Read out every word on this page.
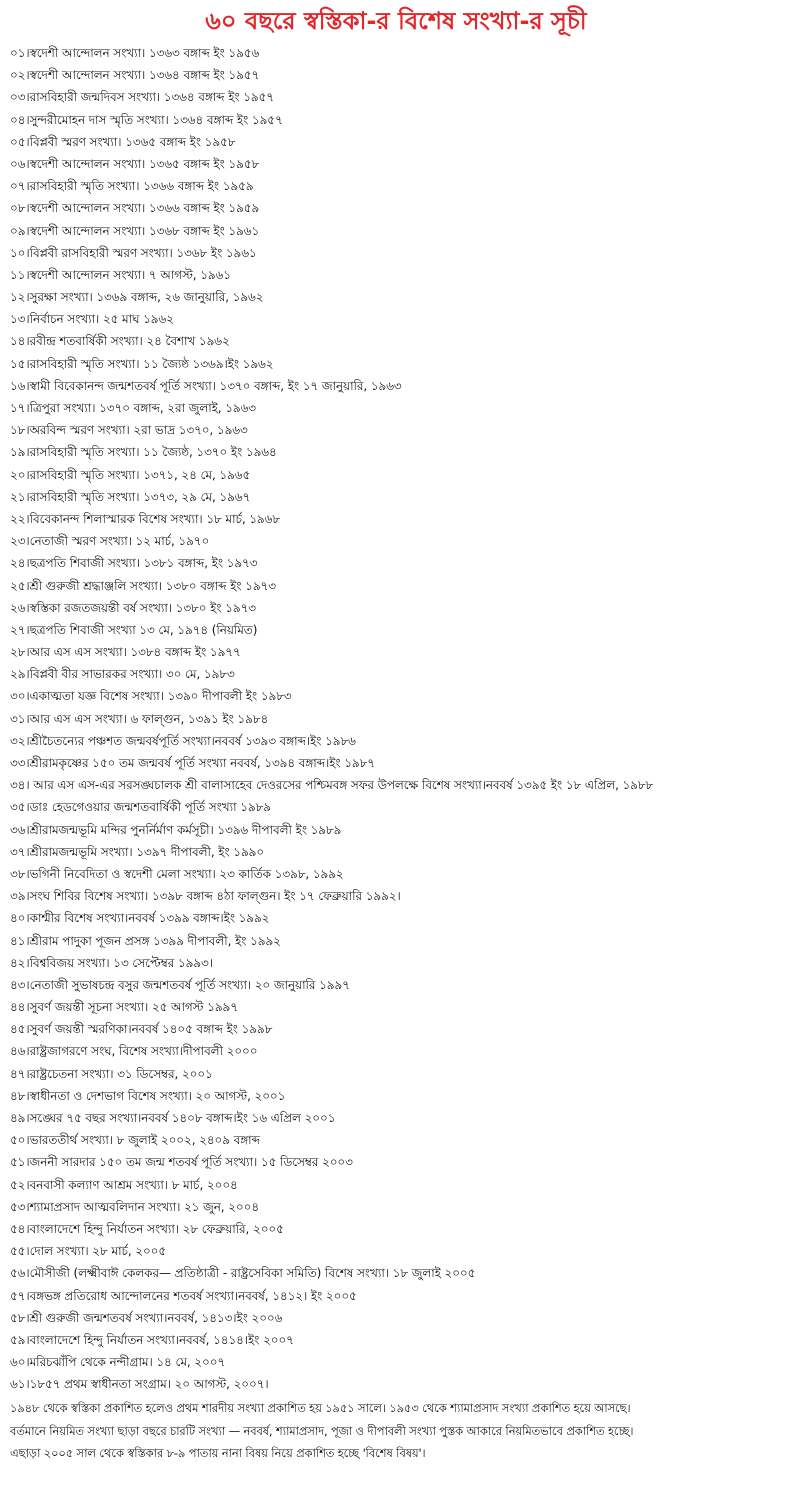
৬০ বছরে স্বস্তিকা-র বিশেষ সংখ্যা-র সূচী
০১।স্বদেশী আন্দোলন সংখ্যা। ১৩৬৩ বঙ্গাব্দ ইং ১৯৫৬
০২।স্বদেশী আন্দোলন সংখ্যা। ১৩৬৪ বঙ্গাব্দ ইং ১৯৫৭
০৩।রাসবিহারী জন্মদিবস সংখ্যা। ১৩৬৪ বঙ্গাব্দ ইং ১৯৫৭
০৪।সুন্দরীমোহন দাস স্মৃতি সংখ্যা। ১৩৬৪ বঙ্গাব্দ ইং ১৯৫৭
০৫।বিপ্লবী স্মরণ সংখ্যা। ১৩৬৫ বঙ্গাব্দ ইং ১৯৫৮
০৬।স্বদেশী আন্দোলন সংখ্যা। ১৩৬৫ বঙ্গাব্দ ইং ১৯৫৮
০৭।রাসবিহারী স্মৃতি সংখ্যা। ১৩৬৬ বঙ্গাব্দ ইং ১৯৫৯
০৮।স্বদেশী আন্দোলন সংখ্যা। ১৩৬৬ বঙ্গাব্দ ইং ১৯৫৯
০৯।স্বদেশী আন্দোলন সংখ্যা। ১৩৬৮ বঙ্গাব্দ ইং ১৯৬১
১০।বিপ্লবী রাসবিহারী স্মরণ সংখ্যা। ১৩৬৮ ইং ১৯৬১
১১।স্বদেশী আন্দোলন সংখ্যা। ৭ আগস্ট, ১৯৬১
১২।সুরক্ষা সংখ্যা। ১৩৬৯ বঙ্গাব্দ, ২৬ জানুয়ারি, ১৯৬২
১৩।নির্বাচন সংখ্যা। ২৫ মাঘ ১৯৬২
১৪।রবীন্দ্র শতবার্ষিকী সংখ্যা। ২৪ বৈশাখ ১৯৬২
১৫।রাসবিহারী স্মৃতি সংখ্যা। ১১ জ্যৈষ্ঠ ১৩৬৯।ইং ১৯৬২
১৬।স্বামী বিবেকানন্দ জন্মশতবর্ষ পূর্তি সংখ্যা। ১৩৭০ বঙ্গাব্দ, ইং ১৭ জানুয়ারি, ১৯৬৩
১৭।ত্রিপুরা সংখ্যা। ১৩৭০ বঙ্গাব্দ, ২রা জুলাই, ১৯৬৩
১৮।অরবিন্দ স্মরণ সংখ্যা। ২রা ভাদ্র ১৩৭০, ১৯৬৩
১৯।রাসবিহারী স্মৃতি সংখ্যা। ১১ জ্যৈষ্ঠ, ১৩৭০ ইং ১৯৬৪
২০।রাসবিহারী স্মৃতি সংখ্যা। ১৩৭১, ২৪ মে, ১৯৬৫
২১।রাসবিহারী স্মৃতি সংখ্যা। ১৩৭৩, ২৯ মে, ১৯৬৭
২২।বিবেকানন্দ শিলাস্মারক বিশেষ সংখ্যা। ১৮ মার্চ, ১৯৬৮
২৩।নেতাজী স্মরণ সংখ্যা। ১২ মার্চ, ১৯৭০
২৪।ছত্রপতি শিবাজী সংখ্যা। ১৩৮১ বঙ্গাব্দ, ইং ১৯৭৩
২৫।শ্রী গুরুজী শ্রদ্ধাঞ্জলি সংখ্যা। ১৩৮০ বঙ্গাব্দ ইং ১৯৭৩
২৬।স্বস্তিকা রজতজয়ন্তী বর্ষ সংখ্যা। ১৩৮০ ইং ১৯৭৩
২৭।ছত্রপতি শিবাজী সংখ্যা ১৩ মে, ১৯৭৪ (নিয়মিত)
২৮।আর এস এস সংখ্যা। ১৩৮৪ বঙ্গাব্দ ইং ১৯৭৭
২৯।বিপ্লবী বীর সাভারকর সংখ্যা। ৩০ মে, ১৯৮৩
৩০।একাত্মতা যজ্ঞ বিশেষ সংখ্যা। ১৩৯০ দীপাবলী ইং ১৯৮৩
৩১।আর এস এস সংখ্যা। ৬ ফাল্গুন, ১৩৯১ ইং ১৯৮৪
৩২।শ্রীচৈতন্যের পঞ্চশত জন্মবর্ষপূর্তি সংখ্যা।নববর্ষ ১৩৯৩ বঙ্গাব্দ।ইং ১৯৮৬
৩৩।শ্রীরামকৃষ্ণের ১৫০ তম জন্মবর্ষ পূর্তি সংখ্যা নববর্ষ, ১৩৯৪ বঙ্গাব্দ।ইং ১৯৮৭
৩৪। আর এস এস-এর সরসঙ্ঘচালক শ্রী বালাসাহেব দেওরসের পশ্চিমবঙ্গ সফর উপলক্ষে বিশেষ সংখ্যা।নববর্ষ ১৩৯৫ ইং ১৮ এপ্রিল, ১৯৮৮
৩৫।ডাঃ হেডগেওয়ার জন্মশতবার্ষিকী পূর্তি সংখ্যা ১৯৮৯
৩৬।শ্রীরামজন্মভূমি মন্দির পুনর্নির্মাণ কর্মসূচী। ১৩৯৬ দীপাবলী ইং ১৯৮৯
৩৭।শ্রীরামজন্মভূমি সংখ্যা। ১৩৯৭ দীপাবলী, ইং ১৯৯০
৩৮।ভগিনী নিবেদিতা ও স্বদেশী মেলা সংখ্যা। ২৩ কার্তিক ১৩৯৮, ১৯৯২
৩৯।সংঘ শিবির বিশেষ সংখ্যা। ১৩৯৮ বঙ্গাব্দ ৪ঠা ফাল্গুন। ইং ১৭ ফেব্রুয়ারি ১৯৯২।
৪০।কাশ্মীর বিশেষ সংখ্যা।নববর্ষ ১৩৯৯ বঙ্গাব্দ।ইং ১৯৯২
৪১।শ্রীরাম পাদুকা পূজন প্রসঙ্গ ১৩৯৯ দীপাবলী, ইং ১৯৯২
৪২।বিশ্ববিজয় সংখ্যা। ১৩ সেপ্টেম্বর ১৯৯৩।
৪৩।নেতাজী সুভাষচন্দ্র বসুর জন্মশতবর্ষ পূর্তি সংখ্যা। ২০ জানুয়ারি ১৯৯৭
৪৪।সুবর্ণ জয়ন্তী সূচনা সংখ্যা। ২৫ আগস্ট ১৯৯৭
৪৫।সুবর্ণ জয়ন্তী স্মরণিকা।নববর্ষ ১৪০৫ বঙ্গাব্দ ইং ১৯৯৮
৪৬।রাষ্ট্রজাগরণে সংঘ, বিশেষ সংখ্যা।দীপাবলী ২০০০
৪৭।রাষ্ট্রচেতনা সংখ্যা। ৩১ ডিসেম্বর, ২০০১
৪৮।স্বাধীনতা ও দেশভাগ বিশেষ সংখ্যা। ২০ আগস্ট, ২০০১
৪৯।সঙ্ঘের ৭৫ বছর সংখ্যা।নববর্ষ ১৪০৮ বঙ্গাব্দ।ইং ১৬ এপ্রিল ২০০১
৫০।ভারততীর্থ সংখ্যা। ৮ জুলাই ২০০২, ২৪০৯ বঙ্গাব্দ
৫১।জননী সারদার ১৫০ তম জন্ম শতবর্ষ পূর্তি সংখ্যা। ১৫ ডিসেম্বর ২০০৩
৫২।বনবাসী কল্যাণ আশ্রম সংখ্যা। ৮ মার্চ, ২০০৪
৫৩।শ্যামাপ্রসাদ আত্মবলিদান সংখ্যা। ২১ জুন, ২০০৪
৫৪।বাংলাদেশে হিন্দু নির্যাতন সংখ্যা। ২৮ ফেব্রুয়ারি, ২০০৫
৫৫।দোল সংখ্যা। ২৮ মার্চ, ২০০৫
৫৬।মৌসীজী (লক্ষ্মীবাঈ কেলকর— প্রতিষ্ঠাত্রী - রাষ্ট্রসেবিকা সমিতি) বিশেষ সংখ্যা। ১৮ জুলাই ২০০৫
৫৭।বঙ্গভঙ্গ প্রতিরোধ আন্দোলনের শতবর্ষ সংখ্যা।নববর্ষ, ১৪১২। ইং ২০০৫
৫৮।শ্রী গুরুজী জন্মশতবর্ষ সংখ্যা।নববর্ষ, ১৪১৩।ইং ২০০৬
৫৯।বাংলাদেশে হিন্দু নির্যাতন সংখ্যা।নববর্ষ, ১৪১৪।ইং ২০০৭
৬০।মরিচঝাঁপি থেকে নন্দীগ্রাম। ১৪ মে, ২০০৭
৬১।১৮৫৭ প্রথম স্বাধীনতা সংগ্রাম। ২০ আগস্ট, ২০০৭।
১৯৪৮ থেকে স্বস্তিকা প্রকাশিত হলেও প্রথম শারদীয় সংখ্যা প্রকাশিত হয় ১৯৫১ সালে। ১৯৫৩ থেকে শ্যামাপ্রসাদ সংখ্যা প্রকাশিত হয়ে আসছে।
বর্তমানে নিয়মিত সংখ্যা ছাড়া বছরে চারটি সংখ্যা — নববর্ষ, শ্যামাপ্রসাদ, পূজা ও দীপাবলী সংখ্যা পুস্তক আকারে নিয়মিতভাবে প্রকাশিত হচ্ছে।
এছাড়া ২০০৫ সাল থেকে স্বস্তিকার ৮-৯ পাতায় নানা বিষয় নিয়ে প্রকাশিত হচ্ছে 'বিশেষ বিষয়'।
